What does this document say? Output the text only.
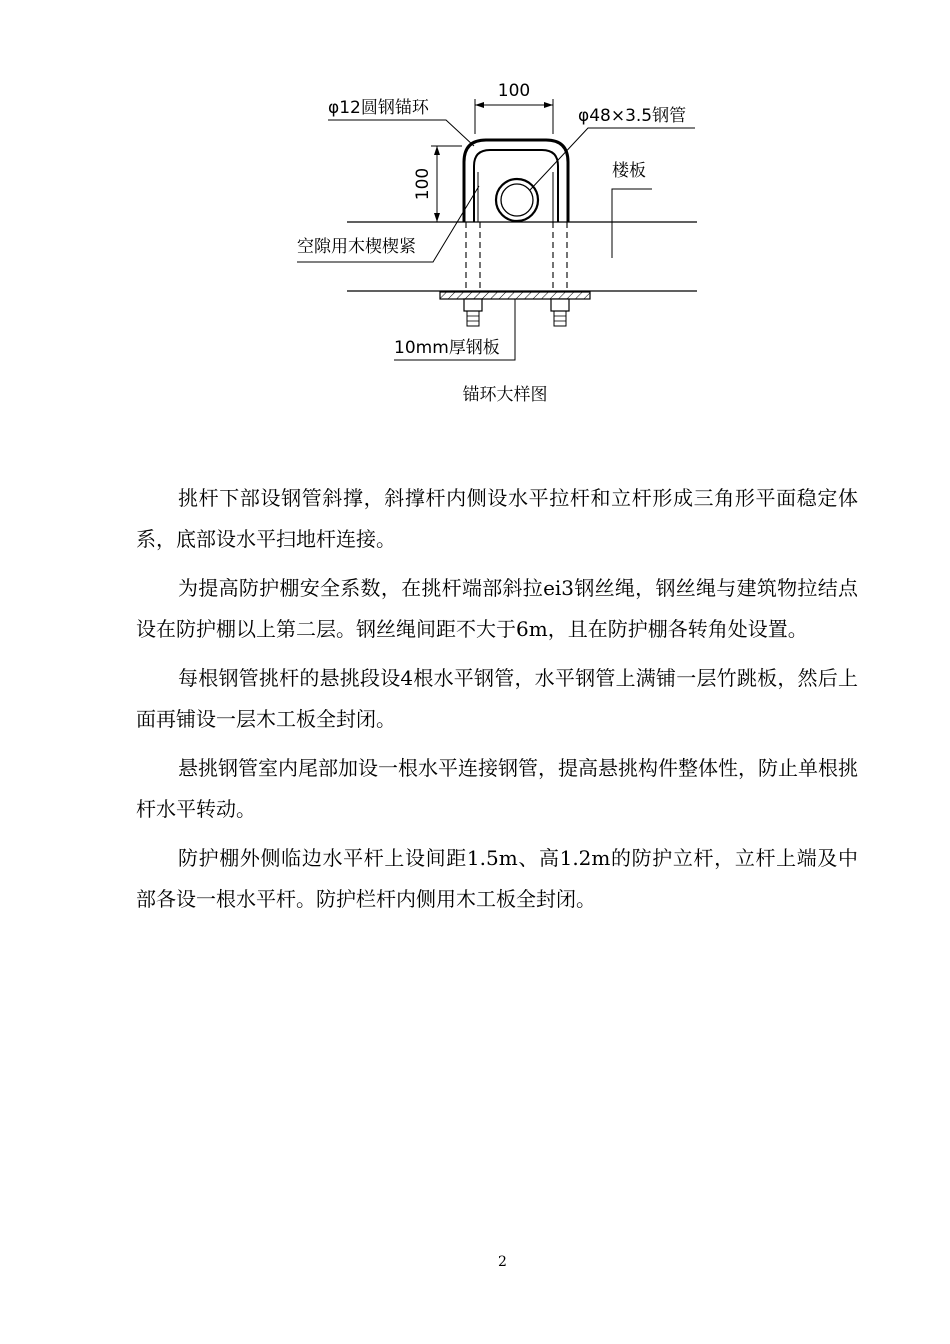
100
100
φ12圆钢锚环	φ48×3.5钢管
楼板
空隙用木楔楔紧
10mm厚钢板
锚环大样图

挑杆下部设钢管斜撑，斜撑杆内侧设水平拉杆和立杆形成三角形平面稳定体系，底部设水平扫地杆连接。

为提高防护棚安全系数，在挑杆端部斜拉ei3钢丝绳，钢丝绳与建筑物拉结点设在防护棚以上第二层。钢丝绳间距不大于6m，且在防护棚各转角处设置。

每根钢管挑杆的悬挑段设4根水平钢管，水平钢管上满铺一层竹跳板，然后上面再铺设一层木工板全封闭。

悬挑钢管室内尾部加设一根水平连接钢管，提高悬挑构件整体性，防止单根挑杆水平转动。

防护棚外侧临边水平杆上设间距1.5m、高1.2m的防护立杆，立杆上端及中部各设一根水平杆。防护栏杆内侧用木工板全封闭。

2
